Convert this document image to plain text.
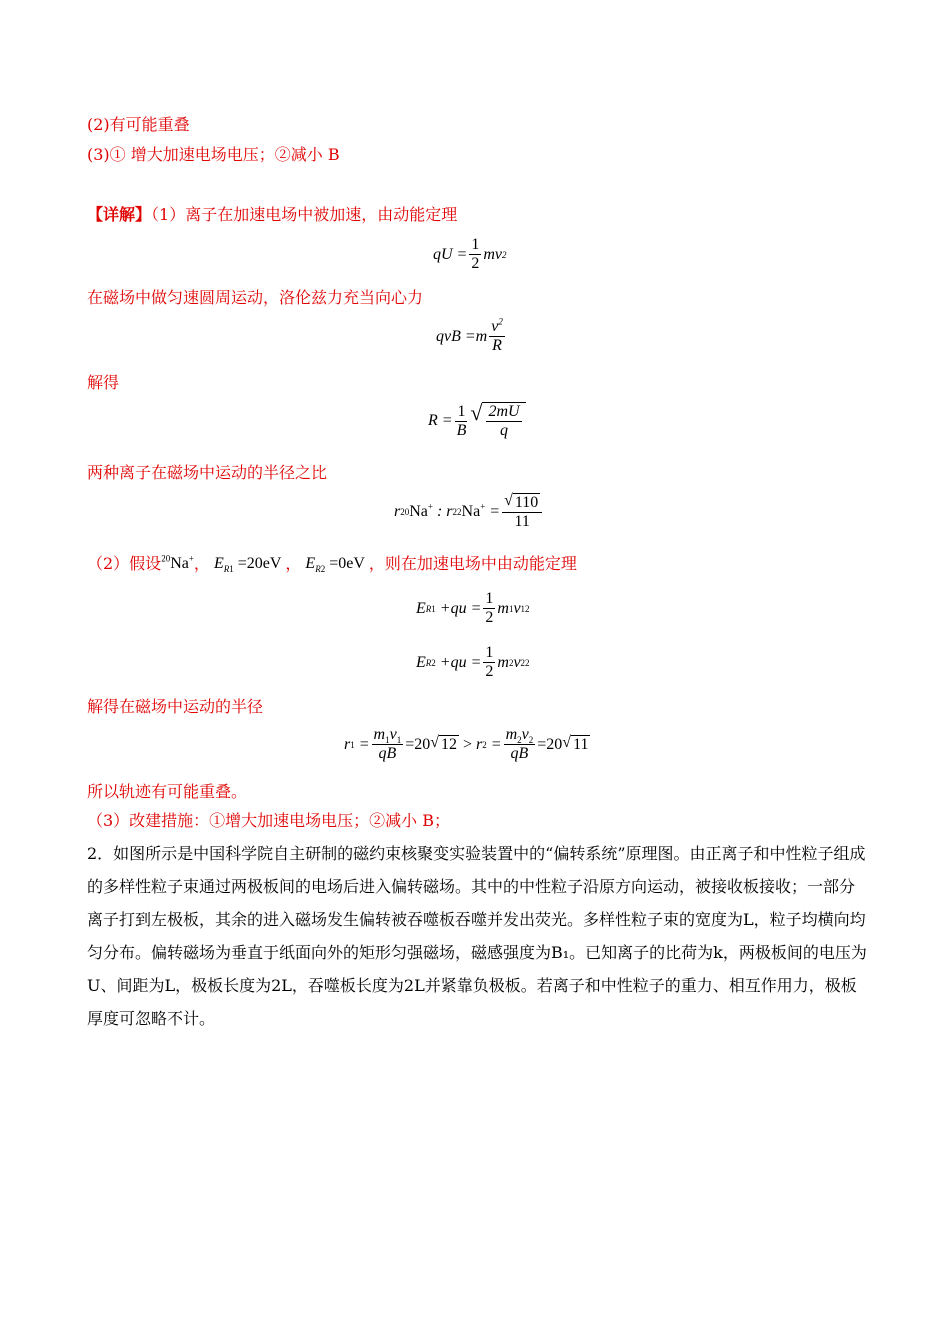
(2)有可能重叠
(3)① 增大加速电场电压；②减小 B
【详解】（1）离子在加速电场中被加速，由动能定理
qU = $\frac{1}{2}$ mv 2
在磁场中做匀速圆周运动，洛伦兹力充当向心力
qvB $=m \frac{v^2}{R}$
解得
$R = \frac{1}{B}$ √ $\frac{2mU}{q}$
两种离子在磁场中运动的半径之比
r 20 Na+ : r 22 $Na^+ = \frac{√ 110}{11}$
（2）假设 $^{20}$Na+ ， $E_{R1} =20eV$ ， $E_{R2} =0eV$ ，则在加速电场中由动能定理
E $R1 +qu = \frac{1}{2}$ m 1 v 1 2
E $R2 +qu = \frac{1}{2}$ m 2 v 2 2
解得在磁场中运动的半径
r $1 = \frac{m_1v_1}{qB} =20$ √ 12 > r $2 = \frac{m_2v_2}{qB} =20$ √ 11
所以轨迹有可能重叠。
（3）改建措施：①增大加速电场电压；②减小 B；
2．如图所示是中国科学院自主研制的磁约束核聚变实验装置中的“偏转系统”原理图。由正离子和中性粒子组成的多样性粒子束通过两极板间的电场后进入偏转磁场。其中的中性粒子沿原方向运动，被接收板接收；一部分离子打到左极板，其余的进入磁场发生偏转被吞噬板吞噬并发出荧光。多样性粒子束的宽度为L，粒子均横向均匀分布。偏转磁场为垂直于纸面向外的矩形匀强磁场，磁感强度为B₁。已知离子的比荷为k，两极板间的电压为U、间距为L，极板长度为2L，吞噬板长度为2L并紧靠负极板。若离子和中性粒子的重力、相互作用力，极板厚度可忽略不计。
